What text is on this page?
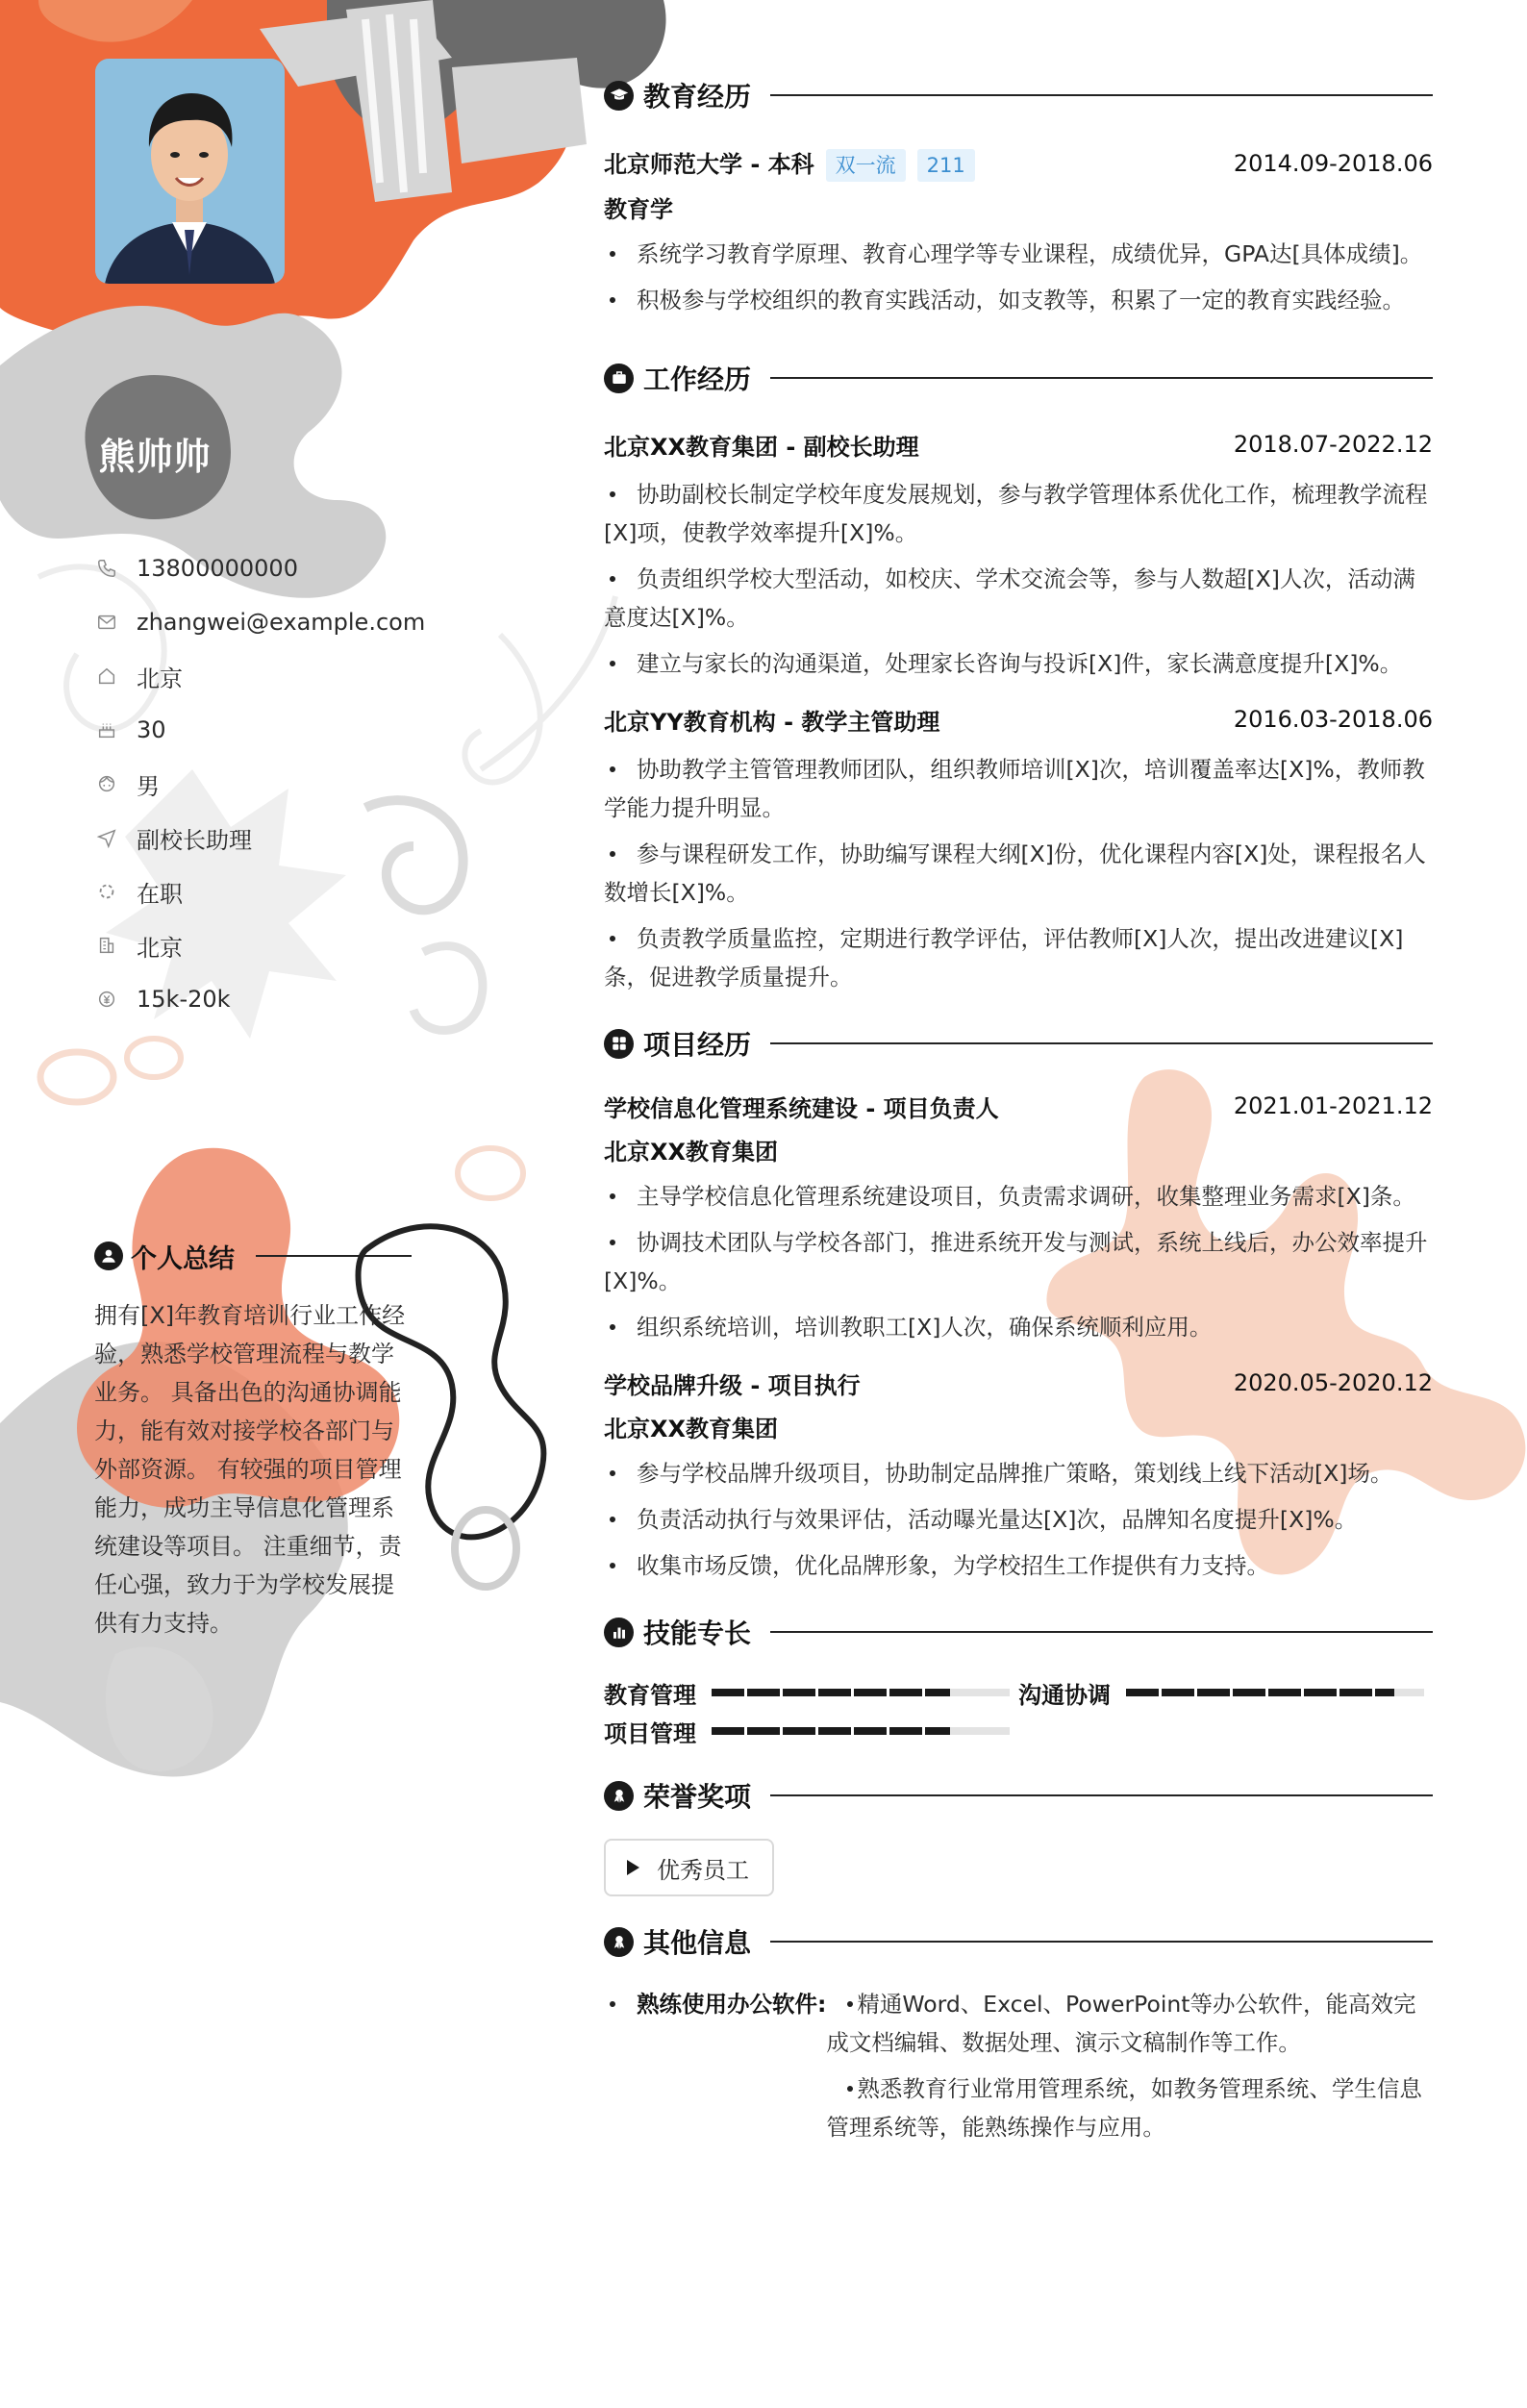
熊帅帅
13800000000
zhangwei@example.com
北京
30
男
副校长助理
在职
北京
15k-20k
个人总结
拥有[X]年教育培训行业工作经验，熟悉学校管理流程与教学业务。 具备出色的沟通协调能力，能有效对接学校各部门与外部资源。 有较强的项目管理能力，成功主导信息化管理系统建设等项目。 注重细节，责任心强，致力于为学校发展提供有力支持。
教育经历
北京师范大学 - 本科 双一流 211	2014.09-2018.06
教育学
系统学习教育学原理、教育心理学等专业课程，成绩优异，GPA达[具体成绩]。
积极参与学校组织的教育实践活动，如支教等，积累了一定的教育实践经验。
工作经历
北京XX教育集团 - 副校长助理	2018.07-2022.12
协助副校长制定学校年度发展规划，参与教学管理体系优化工作，梳理教学流程[X]项，使教学效率提升[X]%。
负责组织学校大型活动，如校庆、学术交流会等，参与人数超[X]人次，活动满意度达[X]%。
建立与家长的沟通渠道，处理家长咨询与投诉[X]件，家长满意度提升[X]%。
北京YY教育机构 - 教学主管助理	2016.03-2018.06
协助教学主管管理教师团队，组织教师培训[X]次，培训覆盖率达[X]%，教师教学能力提升明显。
参与课程研发工作，协助编写课程大纲[X]份，优化课程内容[X]处，课程报名人数增长[X]%。
负责教学质量监控，定期进行教学评估，评估教师[X]人次，提出改进建议[X]条，促进教学质量提升。
项目经历
学校信息化管理系统建设 - 项目负责人	2021.01-2021.12
北京XX教育集团
主导学校信息化管理系统建设项目，负责需求调研，收集整理业务需求[X]条。
协调技术团队与学校各部门，推进系统开发与测试，系统上线后，办公效率提升[X]%。
组织系统培训，培训教职工[X]人次，确保系统顺利应用。
学校品牌升级 - 项目执行	2020.05-2020.12
北京XX教育集团
参与学校品牌升级项目，协助制定品牌推广策略，策划线上线下活动[X]场。
负责活动执行与效果评估，活动曝光量达[X]次，品牌知名度提升[X]%。
收集市场反馈，优化品牌形象，为学校招生工作提供有力支持。
技能专长
教育管理	沟通协调
项目管理
荣誉奖项
优秀员工
其他信息
熟练使用办公软件:	精通Word、Excel、PowerPoint等办公软件，能高效完成文档编辑、数据处理、演示文稿制作等工作。
熟悉教育行业常用管理系统，如教务管理系统、学生信息管理系统等，能熟练操作与应用。
